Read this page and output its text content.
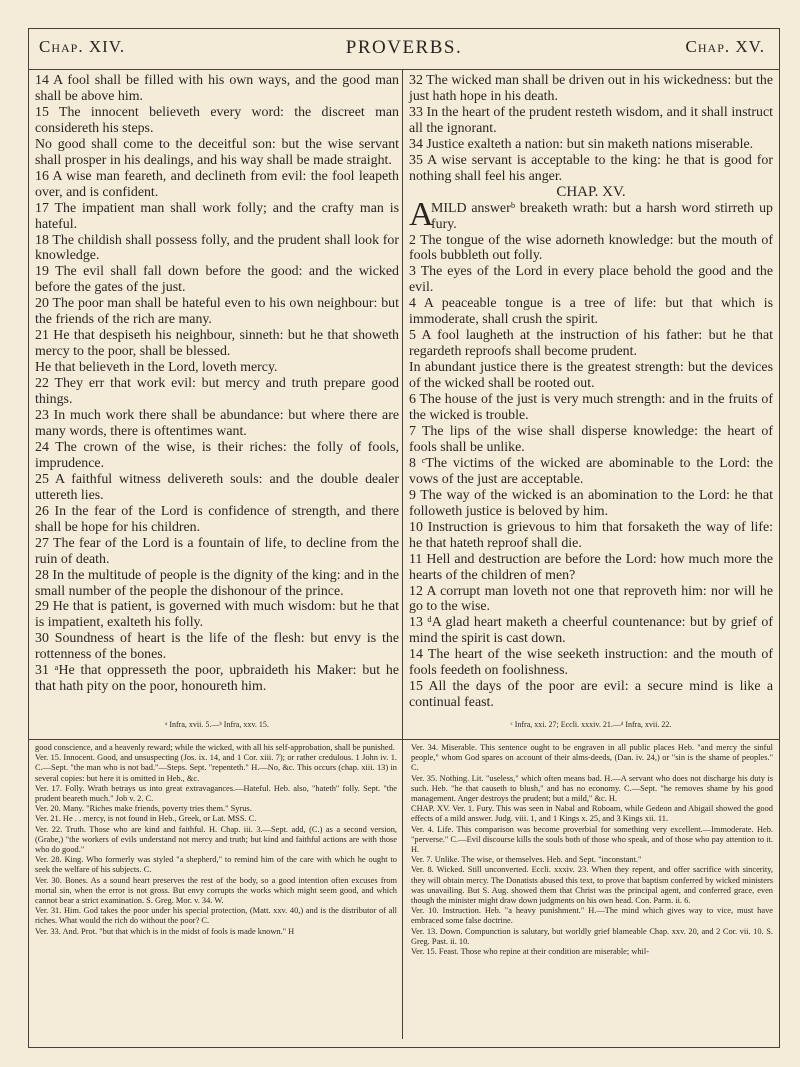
Chap. XIV.	PROVERBS.	Chap. XV.

14 A fool shall be filled with his own ways, and the good man shall be above him.

15 The innocent believeth every word: the discreet man considereth his steps.

No good shall come to the deceitful son: but the wise servant shall prosper in his dealings, and his way shall be made straight.

16 A wise man feareth, and declineth from evil: the fool leapeth over, and is confident.

17 The impatient man shall work folly; and the crafty man is hateful.

18 The childish shall possess folly, and the prudent shall look for knowledge.

19 The evil shall fall down before the good: and the wicked before the gates of the just.

20 The poor man shall be hateful even to his own neighbour: but the friends of the rich are many.

21 He that despiseth his neighbour, sinneth: but he that showeth mercy to the poor, shall be blessed.

He that believeth in the Lord, loveth mercy.

22 They err that work evil: but mercy and truth prepare good things.

23 In much work there shall be abundance: but where there are many words, there is oftentimes want.

24 The crown of the wise, is their riches: the folly of fools, imprudence.

25 A faithful witness delivereth souls: and the double dealer uttereth lies.

26 In the fear of the Lord is confidence of strength, and there shall be hope for his children.

27 The fear of the Lord is a fountain of life, to decline from the ruin of death.

28 In the multitude of people is the dignity of the king: and in the small number of the people the dishonour of the prince.

29 He that is patient, is governed with much wisdom: but he that is impatient, exalteth his folly.

30 Soundness of heart is the life of the flesh: but envy is the rottenness of the bones.

31 ᵃHe that oppresseth the poor, upbraideth his Maker: but he that hath pity on the poor, honoureth him.

32 The wicked man shall be driven out in his wickedness: but the just hath hope in his death.

33 In the heart of the prudent resteth wisdom, and it shall instruct all the ignorant.

34 Justice exalteth a nation: but sin maketh nations miserable.

35 A wise servant is acceptable to the king: he that is good for nothing shall feel his anger.

CHAP. XV.

A
MILD answerᵇ breaketh wrath: but a harsh word stirreth up fury.

2 The tongue of the wise adorneth knowledge: but the mouth of fools bubbleth out folly.

3 The eyes of the Lord in every place behold the good and the evil.

4 A peaceable tongue is a tree of life: but that which is immoderate, shall crush the spirit.

5 A fool laugheth at the instruction of his father: but he that regardeth reproofs shall become prudent.

In abundant justice there is the greatest strength: but the devices of the wicked shall be rooted out.

6 The house of the just is very much strength: and in the fruits of the wicked is trouble.

7 The lips of the wise shall disperse knowledge: the heart of fools shall be unlike.

8 ᶜThe victims of the wicked are abominable to the Lord: the vows of the just are acceptable.

9 The way of the wicked is an abomination to the Lord: he that followeth justice is beloved by him.

10 Instruction is grievous to him that forsaketh the way of life: he that hateth reproof shall die.

11 Hell and destruction are before the Lord: how much more the hearts of the children of men?

12 A corrupt man loveth not one that reproveth him: nor will he go to the wise.

13 ᵈA glad heart maketh a cheerful countenance: but by grief of mind the spirit is cast down.

14 The heart of the wise seeketh instruction: and the mouth of fools feedeth on foolishness.

15 All the days of the poor are evil: a secure mind is like a continual feast.

ᵃ Infra, xvii. 5.—ᵇ Infra, xxv. 15.	ᶜ Infra, xxi. 27; Eccli. xxxiv. 21.—ᵈ Infra, xvii. 22.

good conscience, and a heavenly reward; while the wicked, with all his self-approbation, shall be punished.

Ver. 15. Innocent. Good, and unsuspecting (Jos. ix. 14, and 1 Cor. xiii. 7); or rather credulous. 1 John iv. 1. C.—Sept. "the man who is not bad."—Steps. Sept. "repenteth." H.—No, &c. This occurs (chap. xiii. 13) in several copies: but here it is omitted in Heb., &c.

Ver. 17. Folly. Wrath betrays us into great extravagances.—Hateful. Heb. also, "hateth" folly. Sept. "the prudent beareth much." Job v. 2. C.

Ver. 20. Many. "Riches make friends, poverty tries them." Syrus.

Ver. 21. He . . mercy, is not found in Heb., Greek, or Lat. MSS. C.

Ver. 22. Truth. Those who are kind and faithful. H. Chap. iii. 3.—Sept. add, (C.) as a second version, (Grabe,) "the workers of evils understand not mercy and truth; but kind and faithful actions are with those who do good."

Ver. 28. King. Who formerly was styled "a shepherd," to remind him of the care with which he ought to seek the welfare of his subjects. C.

Ver. 30. Bones. As a sound heart preserves the rest of the body, so a good intention often excuses from mortal sin, when the error is not gross. But envy corrupts the works which might seem good, and which cannot bear a strict examination. S. Greg. Mor. v. 34. W.

Ver. 31. Him. God takes the poor under his special protection, (Matt. xxv. 40,) and is the distributor of all riches. What would the rich do without the poor? C.

Ver. 33. And. Prot. "but that which is in the midst of fools is made known." H

Ver. 34. Miserable. This sentence ought to be engraven in all public places Heb. "and mercy the sinful people," whom God spares on account of their alms-deeds, (Dan. iv. 24,) or "sin is the shame of peoples." C.

Ver. 35. Nothing. Lit. "useless," which often means bad. H.—A servant who does not discharge his duty is such. Heb. "he that causeth to blush," and has no economy. C.—Sept. "he removes shame by his good management. Anger destroys the prudent; but a mild," &c. H.

CHAP. XV. Ver. 1. Fury. This was seen in Nabal and Roboam, while Gedeon and Abigail showed the good effects of a mild answer. Judg. viii. 1, and 1 Kings x. 25, and 3 Kings xii. 11.

Ver. 4. Life. This comparison was become proverbial for something very excellent.—Immoderate. Heb. "perverse." C.—Evil discourse kills the souls both of those who speak, and of those who pay attention to it. H.

Ver. 7. Unlike. The wise, or themselves. Heb. and Sept. "inconstant."

Ver. 8. Wicked. Still unconverted. Eccli. xxxiv. 23. When they repent, and offer sacrifice with sincerity, they will obtain mercy. The Donatists abused this text, to prove that baptism conferred by wicked ministers was unavailing. But S. Aug. showed them that Christ was the principal agent, and conferred grace, even though the minister might draw down judgments on his own head. Con. Parm. ii. 6.

Ver. 10. Instruction. Heb. "a heavy punishment." H.—The mind which gives way to vice, must have embraced some false doctrine.

Ver. 13. Down. Compunction is salutary, but worldly grief blameable Chap. xxv. 20, and 2 Cor. vii. 10. S. Greg. Past. ii. 10.

Ver. 15. Feast. Those who repine at their condition are miserable; whil-
